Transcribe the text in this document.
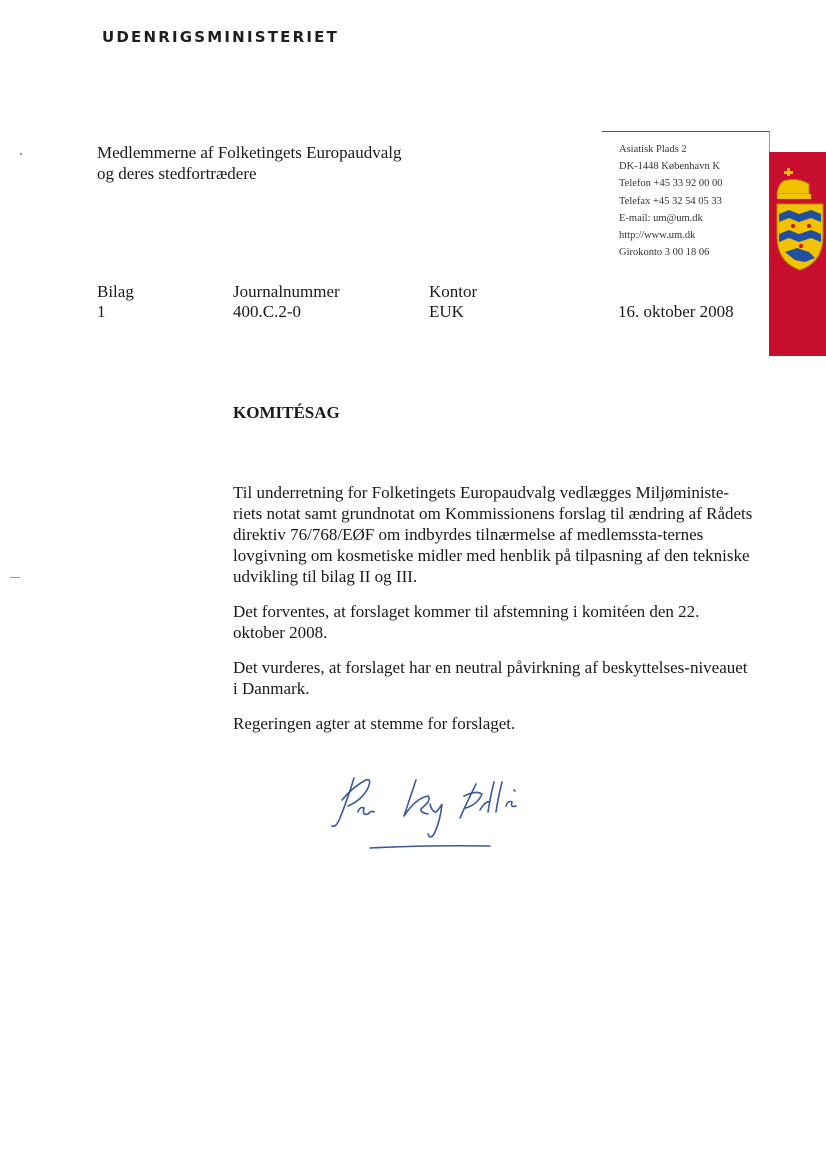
UDENRIGSMINISTERIET
Medlemmerne af Folketingets Europaudvalg
og deres stedfortrædere
Asiatisk Plads 2
DK-1448 København K
Telefon +45 33 92 00 00
Telefax +45 32 54 05 33
E-mail: um@um.dk
http://www.um.dk
Girokonto 3 00 18 06
Bilag
1
Journalnummer
400.C.2-0
Kontor
EUK	16. oktober 2008
KOMITÉSAG

Til underretning for Folketingets Europaudvalg vedlægges Miljøministe-riets notat samt grundnotat om Kommissionens forslag til ændring af Rådets direktiv 76/768/EØF om indbyrdes tilnærmelse af medlemssta-ternes lovgivning om kosmetiske midler med henblik på tilpasning af den tekniske udvikling til bilag II og III.

Det forventes, at forslaget kommer til afstemning i komitéen den 22. oktober 2008.

Det vurderes, at forslaget har en neutral påvirkning af beskyttelses-niveauet i Danmark.

Regeringen agter at stemme for forslaget.
